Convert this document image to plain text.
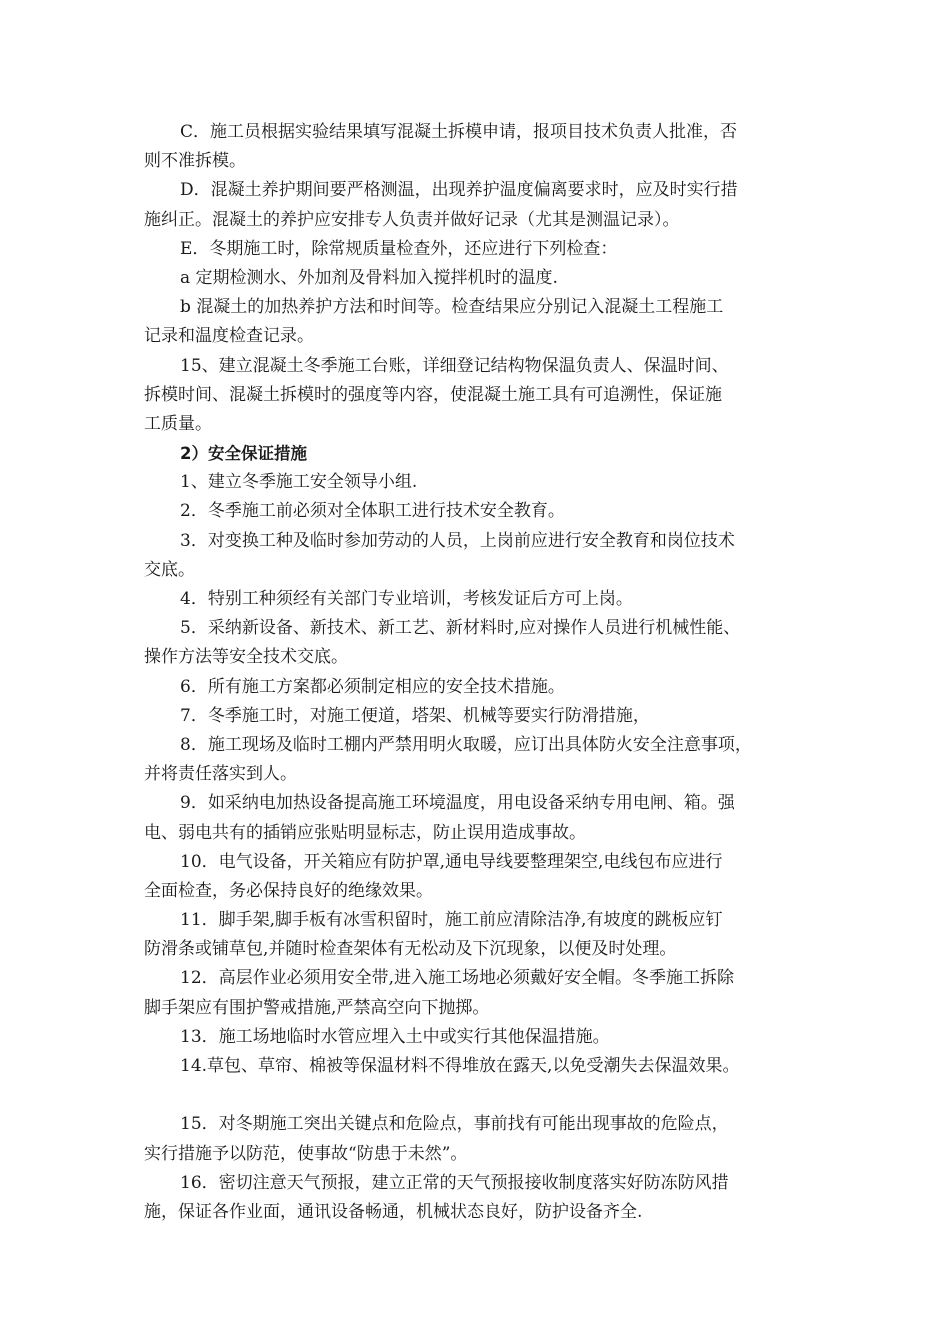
C．施工员根据实验结果填写混凝土拆模申请，报项目技术负责人批准，否
则不准拆模。
D．混凝土养护期间要严格测温，出现养护温度偏离要求时，应及时实行措
施纠正。混凝土的养护应安排专人负责并做好记录（尤其是测温记录）。
E．冬期施工时，除常规质量检查外，还应进行下列检查：
a 定期检测水、外加剂及骨料加入搅拌机时的温度.
b 混凝土的加热养护方法和时间等。检查结果应分别记入混凝土工程施工
记录和温度检查记录。
15、建立混凝土冬季施工台账，详细登记结构物保温负责人、保温时间、
拆模时间、混凝土拆模时的强度等内容，使混凝土施工具有可追溯性，保证施
工质量。
2）安全保证措施
1、建立冬季施工安全领导小组.
2．冬季施工前必须对全体职工进行技术安全教育。
3．对变换工种及临时参加劳动的人员，上岗前应进行安全教育和岗位技术
交底。
4．特别工种须经有关部门专业培训，考核发证后方可上岗。
5．采纳新设备、新技术、新工艺、新材料时,应对操作人员进行机械性能、
操作方法等安全技术交底。
6．所有施工方案都必须制定相应的安全技术措施。
7．冬季施工时，对施工便道，塔架、机械等要实行防滑措施，
8．施工现场及临时工棚内严禁用明火取暖，应订出具体防火安全注意事项，
并将责任落实到人。
9．如采纳电加热设备提高施工环境温度，用电设备采纳专用电闸、箱。强
电、弱电共有的插销应张贴明显标志，防止误用造成事故。
10．电气设备，开关箱应有防护罩,通电导线要整理架空,电线包布应进行
全面检查，务必保持良好的绝缘效果。
11．脚手架,脚手板有冰雪积留时，施工前应清除洁净,有坡度的跳板应钉
防滑条或铺草包,并随时检查架体有无松动及下沉现象，以便及时处理。
12．高层作业必须用安全带,进入施工场地必须戴好安全帽。冬季施工拆除
脚手架应有围护警戒措施,严禁高空向下抛掷。
13．施工场地临时水管应埋入土中或实行其他保温措施。
14.草包、草帘、棉被等保温材料不得堆放在露天,以免受潮失去保温效果。
15．对冬期施工突出关键点和危险点，事前找有可能出现事故的危险点，
实行措施予以防范，使事故“防患于未然”。
16．密切注意天气预报，建立正常的天气预报接收制度落实好防冻防风措
施，保证各作业面，通讯设备畅通，机械状态良好，防护设备齐全.
